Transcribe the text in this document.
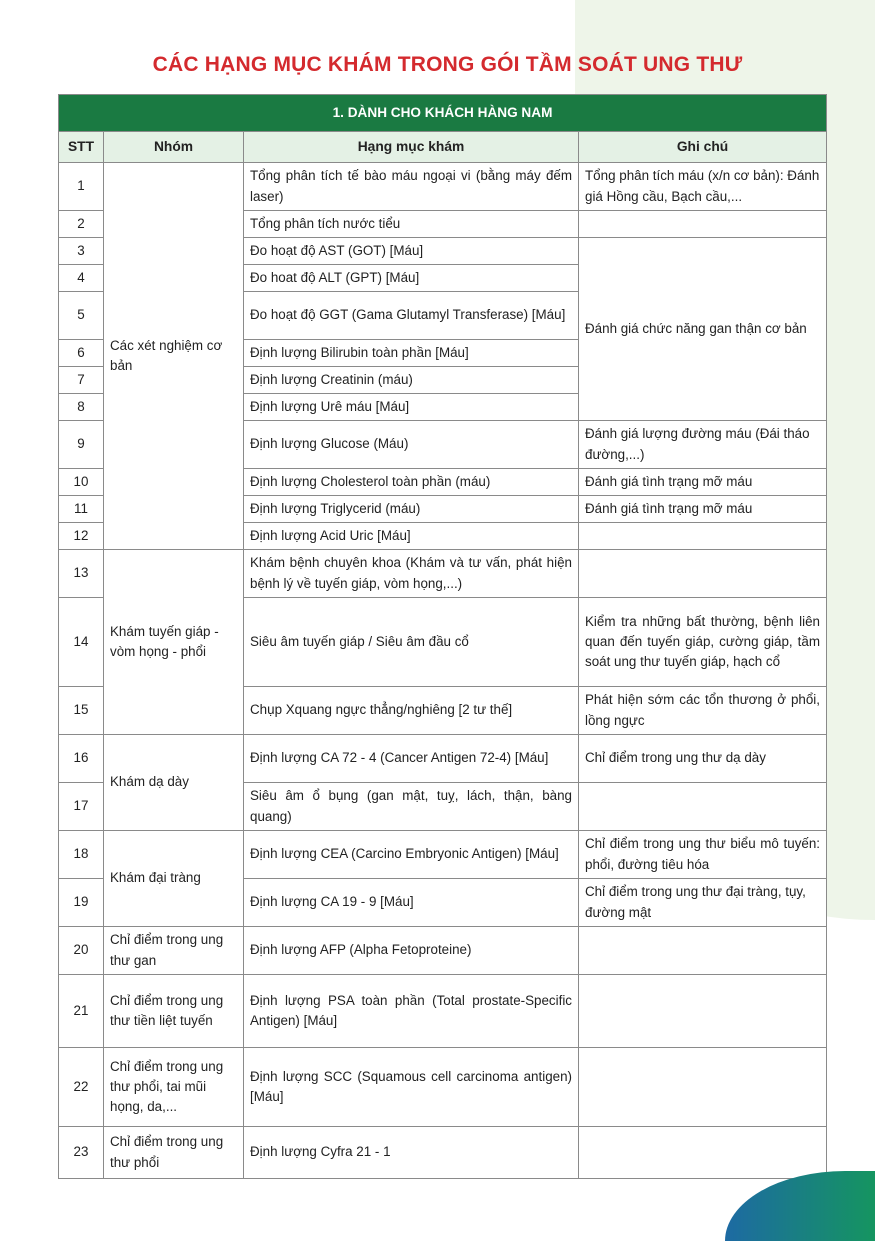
CÁC HẠNG MỤC KHÁM TRONG GÓI TẦM SOÁT UNG THƯ
1. DÀNH CHO KHÁCH HÀNG NAM			
STT	Nhóm	Hạng mục khám	Ghi chú
1	Các xét nghiệm cơ bản	Tổng phân tích tế bào máu ngoại vi (bằng máy đếm laser)	Tổng phân tích máu (x/n cơ bản): Đánh giá Hồng cầu, Bạch cầu,...
2		Tổng phân tích nước tiểu	
3		Đo hoạt độ AST (GOT) [Máu]	Đánh giá chức năng gan thận cơ bản
4		Đo hoat độ ALT (GPT) [Máu]	
5		Đo hoạt độ GGT (Gama Glutamyl Transferase) [Máu]	
6		Định lượng Bilirubin toàn phần [Máu]	
7		Định lượng Creatinin (máu)	
8		Định lượng Urê máu [Máu]	
9		Định lượng Glucose (Máu)	Đánh giá lượng đường máu (Đái tháo đường,...)
10		Định lượng Cholesterol toàn phần (máu)	Đánh giá tình trạng mỡ máu
11		Định lượng Triglycerid (máu)	Đánh giá tình trạng mỡ máu
12		Định lượng Acid Uric [Máu]	
13	Khám tuyến giáp - vòm họng - phổi	Khám bệnh chuyên khoa (Khám và tư vấn, phát hiện bệnh lý về tuyến giáp, vòm họng,...)	
14		Siêu âm tuyến giáp / Siêu âm đầu cổ	Kiểm tra những bất thường, bệnh liên quan đến tuyến giáp, cường giáp, tầm soát ung thư tuyến giáp, hạch cổ
15		Chụp Xquang ngực thẳng/nghiêng [2 tư thế]	Phát hiện sớm các tổn thương ở phổi, lồng ngực
16	Khám dạ dày	Định lượng CA 72 - 4 (Cancer Antigen 72-4) [Máu]	Chỉ điểm trong ung thư dạ dày
17		Siêu âm ổ bụng (gan mật, tuỵ, lách, thận, bàng quang)	
18	Khám đại tràng	Định lượng CEA (Carcino Embryonic Antigen) [Máu]	Chỉ điểm trong ung thư biểu mô tuyến: phổi, đường tiêu hóa
19		Định lượng CA 19 - 9 [Máu]	Chỉ điểm trong ung thư đại tràng, tụy, đường mật
20	Chỉ điểm trong ung thư gan	Định lượng AFP (Alpha Fetoproteine)	
21	Chỉ điểm trong ung thư tiền liệt tuyến	Định lượng PSA toàn phần (Total prostate-Specific Antigen) [Máu]	
22	Chỉ điểm trong ung thư phổi, tai mũi họng, da,...	Định lượng SCC (Squamous cell carcinoma antigen) [Máu]	
23	Chỉ điểm trong ung thư phổi	Định lượng Cyfra 21 - 1	
